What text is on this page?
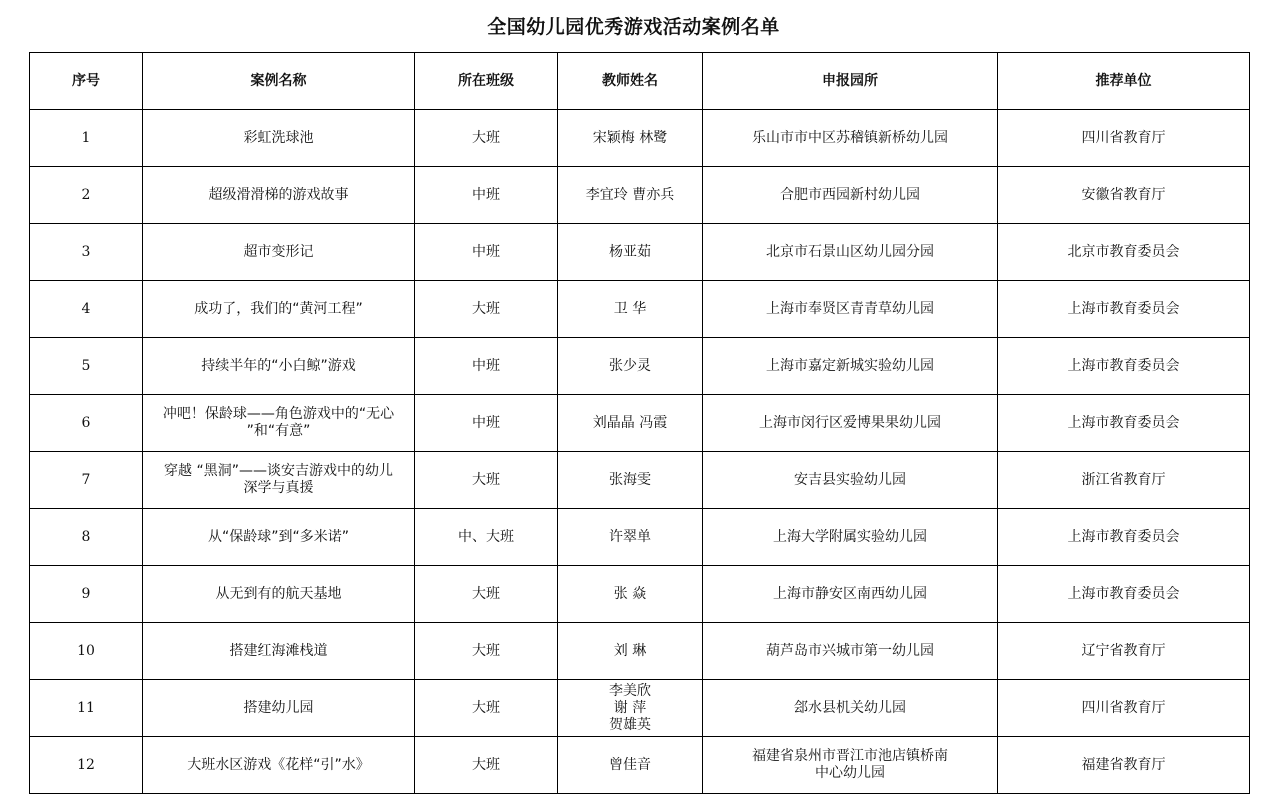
全国幼儿园优秀游戏活动案例名单
序号	案例名称	所在班级	教师姓名	申报园所	推荐单位
1	彩虹洗球池	大班	宋颖梅 林鹭	乐山市市中区苏稽镇新桥幼儿园	四川省教育厅
2	超级滑滑梯的游戏故事	中班	李宜玲 曹亦兵	合肥市西园新村幼儿园	安徽省教育厅
3	超市变形记	中班	杨亚茹	北京市石景山区幼儿园分园	北京市教育委员会
4	成功了，我们的“黄河工程”	大班	卫 华	上海市奉贤区青青草幼儿园	上海市教育委员会
5	持续半年的“小白鲸”游戏	中班	张少灵	上海市嘉定新城实验幼儿园	上海市教育委员会
6	冲吧！保龄球——角色游戏中的“无心
”和“有意”	中班	刘晶晶 冯霞	上海市闵行区爱博果果幼儿园	上海市教育委员会
7	穿越 “黑洞”——谈安吉游戏中的幼儿
深学与真援	大班	张海雯	安吉县实验幼儿园	浙江省教育厅
8	从“保龄球”到“多米诺”	中、大班	许翠单	上海大学附属实验幼儿园	上海市教育委员会
9	从无到有的航天基地	大班	张 焱	上海市静安区南西幼儿园	上海市教育委员会
10	搭建红海滩栈道	大班	刘 琳	葫芦岛市兴城市第一幼儿园	辽宁省教育厅
11	搭建幼儿园	大班	李美欣
谢 萍
贺雄英	郐水县机关幼儿园	四川省教育厅
12	大班水区游戏《花样“引”水》	大班	曾佳音	福建省泉州市晋江市池店镇桥南
中心幼儿园	福建省教育厅
